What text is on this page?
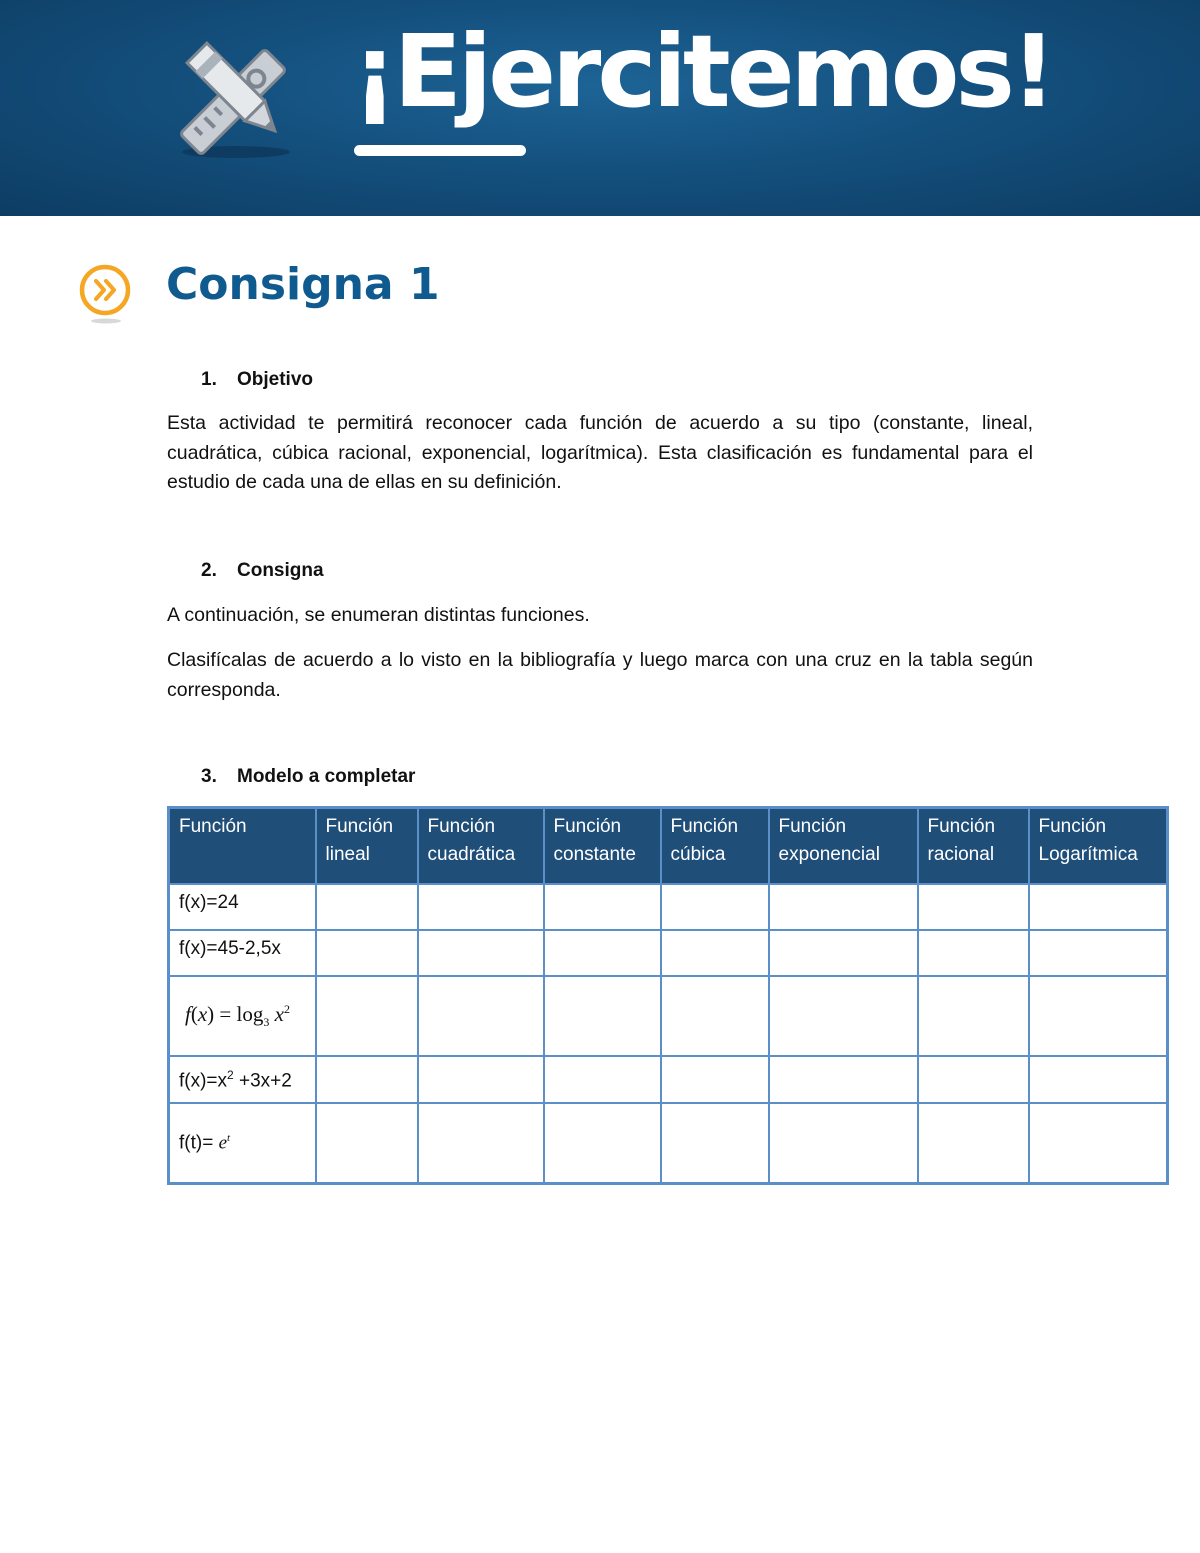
¡Ejercitemos!
Consigna 1
1. Objetivo

Esta actividad te permitirá reconocer cada función de acuerdo a su tipo (constante, lineal, cuadrática, cúbica racional, exponencial, logarítmica). Esta clasificación es fundamental para el estudio de cada una de ellas en su definición.

2. Consigna

A continuación, se enumeran distintas funciones.

Clasifícalas de acuerdo a lo visto en la bibliografía y luego marca con una cruz en la tabla según corresponda.

3. Modelo a completar
Función	Función lineal	Función cuadrática	Función constante	Función cúbica	Función exponencial	Función racional	Función Logarítmica
f(x)=24							
f(x)=45-2,5x							
$f(x) = \log_3 x^2$							
$f(x)=x^2 +3x+2$							
$f(t)= e^t$							
